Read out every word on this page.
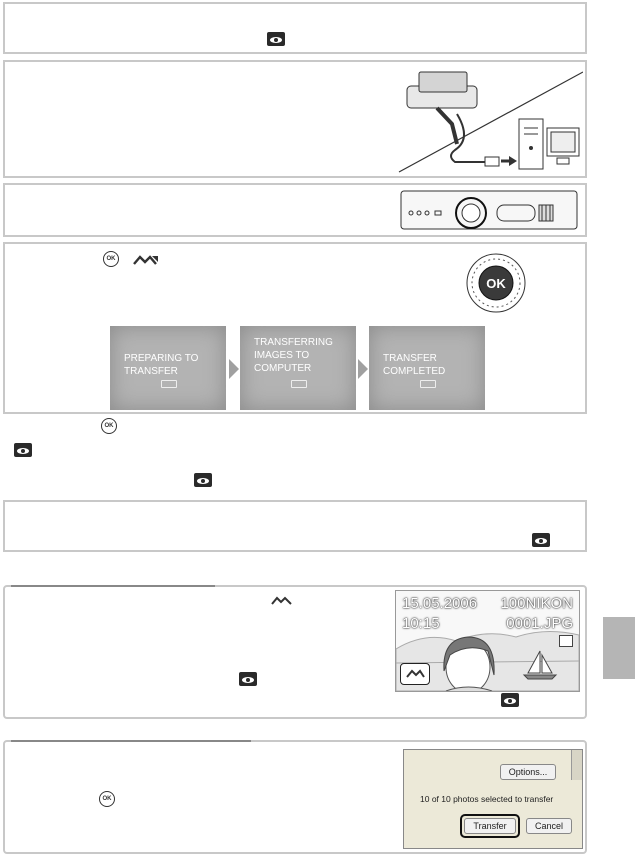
OK
OK
PREPARING TO TRANSFER
TRANSFERRING IMAGES TO COMPUTER
TRANSFER COMPLETED
OK
15.05.2006
10:15
100NIKON
0001.JPG
OK
Options...
10 of 10 photos selected to transfer
Transfer	Cancel
